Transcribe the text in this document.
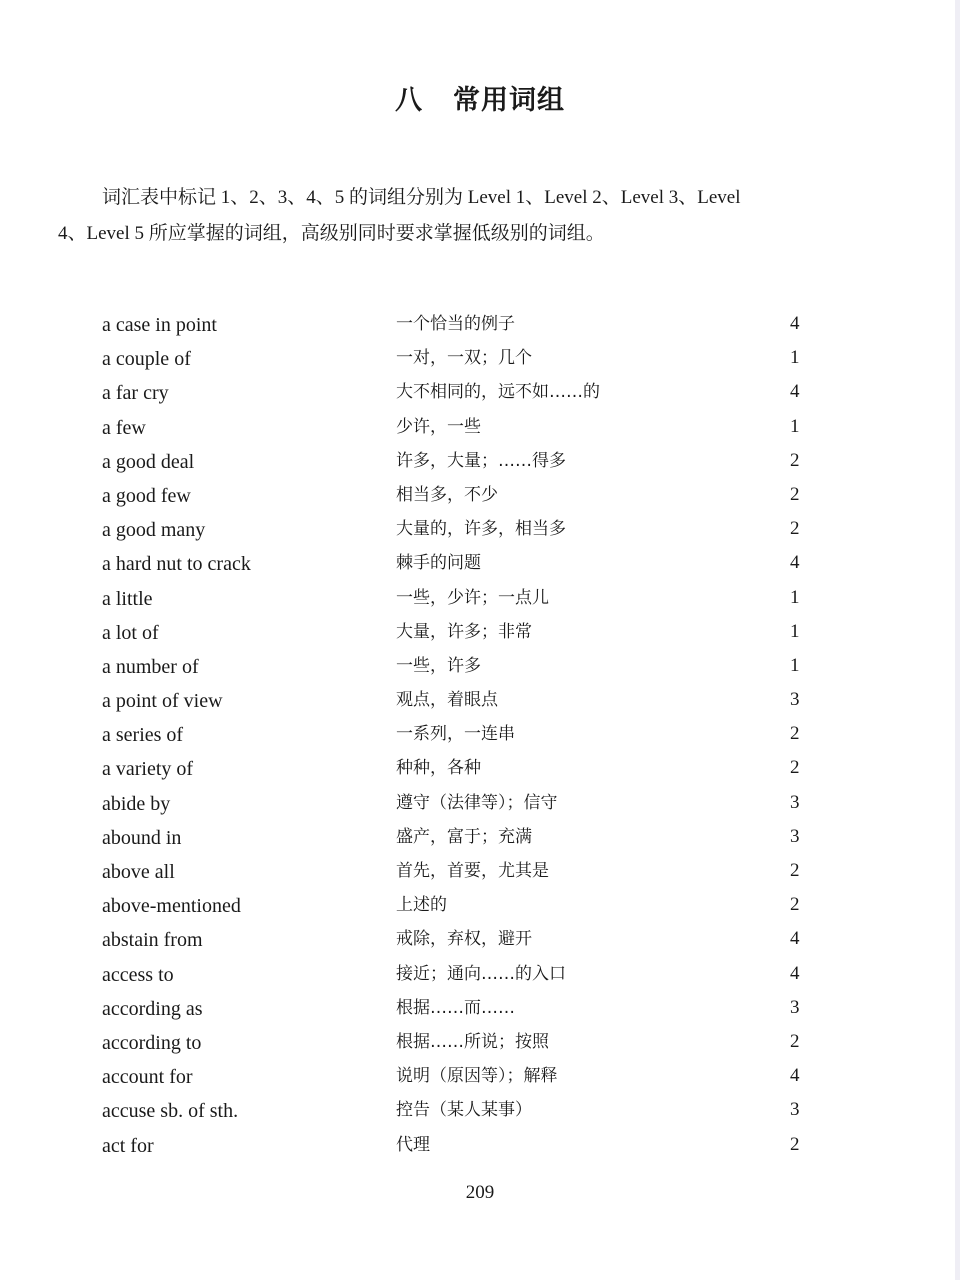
八 常用词组
词汇表中标记 1、2、3、4、5 的词组分别为 Level 1、Level 2、Level 3、Level
4、Level 5 所应掌握的词组，高级别同时要求掌握低级别的词组。
a case in point	一个恰当的例子	4
a couple of	一对，一双；几个	1
a far cry	大不相同的，远不如……的	4
a few	少许，一些	1
a good deal	许多，大量；……得多	2
a good few	相当多，不少	2
a good many	大量的，许多，相当多	2
a hard nut to crack	棘手的问题	4
a little	一些，少许；一点儿	1
a lot of	大量，许多；非常	1
a number of	一些，许多	1
a point of view	观点，着眼点	3
a series of	一系列，一连串	2
a variety of	种种，各种	2
abide by	遵守（法律等）；信守	3
abound in	盛产，富于；充满	3
above all	首先，首要，尤其是	2
above-mentioned	上述的	2
abstain from	戒除，弃权，避开	4
access to	接近；通向……的入口	4
according as	根据……而……	3
according to	根据……所说；按照	2
account for	说明（原因等）；解释	4
accuse sb. of sth.	控告（某人某事）	3
act for	代理	2
209
